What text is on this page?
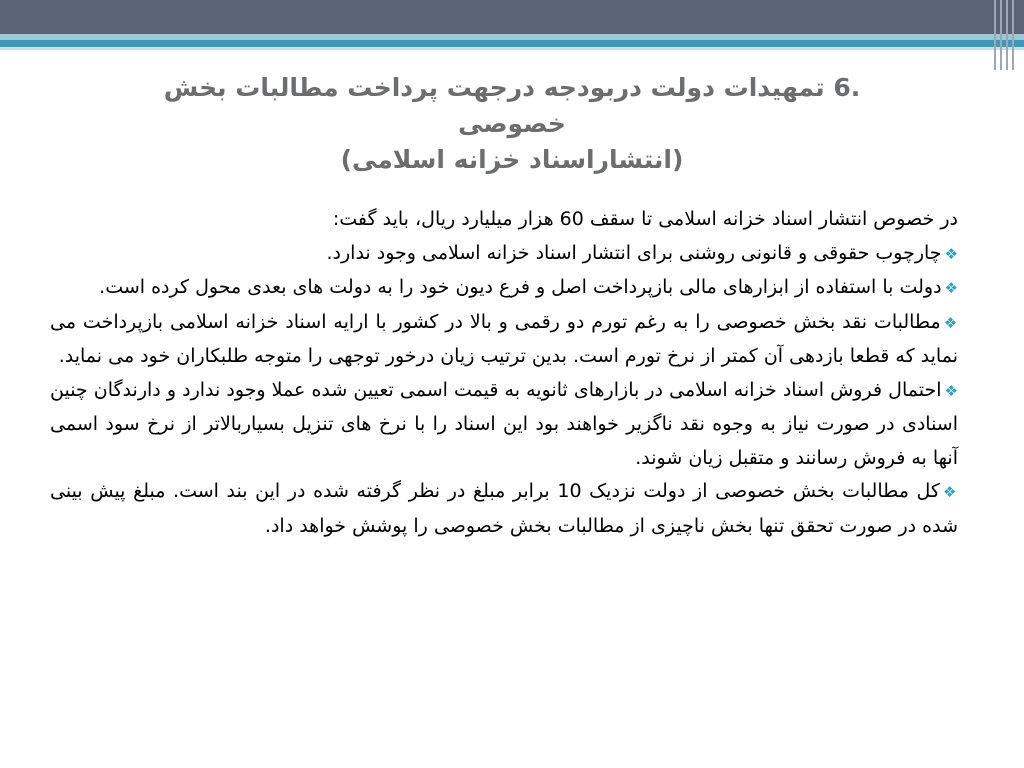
.6 تمهیدات دولت دربودجه درجهت پرداخت مطالبات بخش خصوصی
(انتشاراسناد خزانه اسلامی)

در خصوص انتشار اسناد خزانه اسلامی تا سقف 60 هزار میلیارد ریال، باید گفت:

❖چارچوب حقوقی و قانونی روشنی برای انتشار اسناد خزانه اسلامی وجود ندارد.

❖دولت با استفاده از ابزارهای مالی بازپرداخت اصل و فرع دیون خود را به دولت های بعدی محول کرده است.

❖مطالبات نقد بخش خصوصی را به رغم تورم دو رقمی و بالا در کشور با ارایه اسناد خزانه اسلامی بازپرداخت می نماید که قطعا بازدهی آن کمتر از نرخ تورم است. بدین ترتیب زیان درخور توجهی را متوجه طلبکاران خود می نماید.

❖احتمال فروش اسناد خزانه اسلامی در بازارهای ثانویه به قیمت اسمی تعیین شده عملا وجود ندارد و دارندگان چنین اسنادی در صورت نیاز به وجوه نقد ناگزیر خواهند بود این اسناد را با نرخ های تنزیل بسیاربالاتر از نرخ سود اسمی آنها به فروش رسانند و متقبل زیان شوند.

❖کل مطالبات بخش خصوصی از دولت نزدیک 10 برابر مبلغ در نظر گرفته شده در این بند است. مبلغ پیش بینی شده در صورت تحقق تنها بخش ناچیزی از مطالبات بخش خصوصی را پوشش خواهد داد.
